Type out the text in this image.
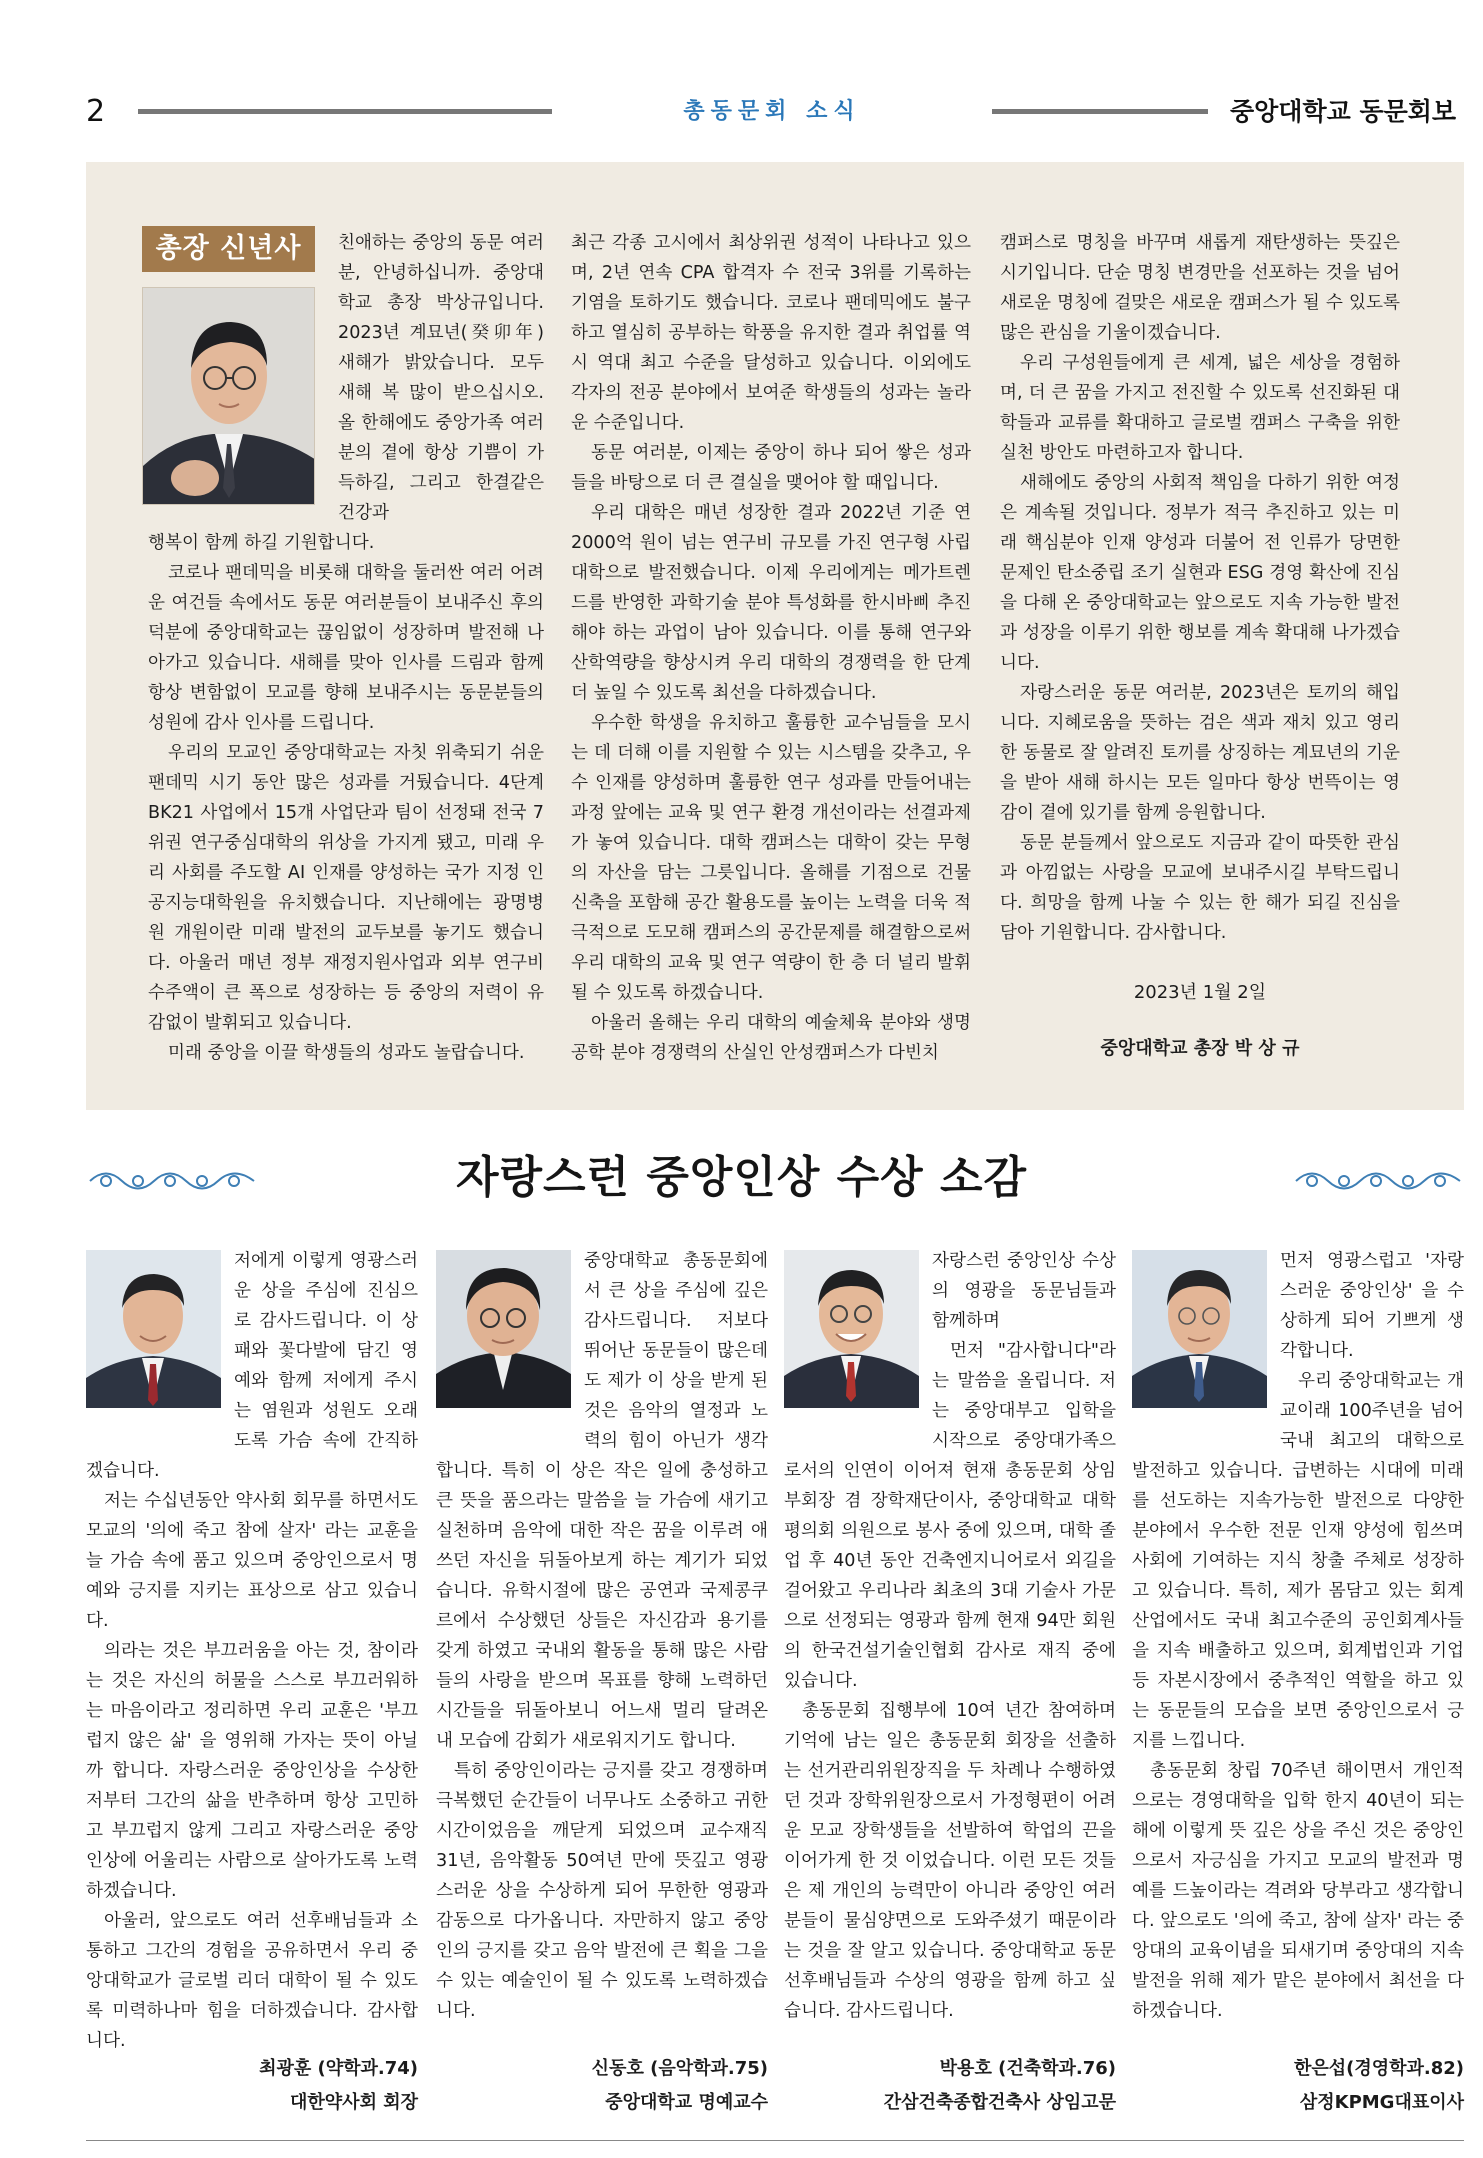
2	총동문회 소식	중앙대학교 동문회보
총장 신년사	친애하는 중앙의 동문 여러분, 안녕하십니까. 중앙대학교 총장 박상규입니다. 2023년 계묘년(癸卯年) 새해가 밝았습니다. 모두 새해 복 많이 받으십시오. 올 한해에도 중앙가족 여러분의 곁에 항상 기쁨이 가득하길, 그리고 한결같은 건강과
행복이 함께 하길 기원합니다.
코로나 팬데믹을 비롯해 대학을 둘러싼 여러 어려운 여건들 속에서도 동문 여러분들이 보내주신 후의 덕분에 중앙대학교는 끊임없이 성장하며 발전해 나아가고 있습니다. 새해를 맞아 인사를 드림과 함께 항상 변함없이 모교를 향해 보내주시는 동문분들의 성원에 감사 인사를 드립니다.
우리의 모교인 중앙대학교는 자칫 위축되기 쉬운 팬데믹 시기 동안 많은 성과를 거뒀습니다. 4단계 BK21 사업에서 15개 사업단과 팀이 선정돼 전국 7위권 연구중심대학의 위상을 가지게 됐고, 미래 우리 사회를 주도할 AI 인재를 양성하는 국가 지정 인공지능대학원을 유치했습니다. 지난해에는 광명병원 개원이란 미래 발전의 교두보를 놓기도 했습니다. 아울러 매년 정부 재정지원사업과 외부 연구비 수주액이 큰 폭으로 성장하는 등 중앙의 저력이 유감없이 발휘되고 있습니다.
미래 중앙을 이끌 학생들의 성과도 놀랍습니다.
최근 각종 고시에서 최상위권 성적이 나타나고 있으며, 2년 연속 CPA 합격자 수 전국 3위를 기록하는 기염을 토하기도 했습니다. 코로나 팬데믹에도 불구하고 열심히 공부하는 학풍을 유지한 결과 취업률 역시 역대 최고 수준을 달성하고 있습니다. 이외에도 각자의 전공 분야에서 보여준 학생들의 성과는 놀라운 수준입니다.
동문 여러분, 이제는 중앙이 하나 되어 쌓은 성과들을 바탕으로 더 큰 결실을 맺어야 할 때입니다.
우리 대학은 매년 성장한 결과 2022년 기준 연 2000억 원이 넘는 연구비 규모를 가진 연구형 사립대학으로 발전했습니다. 이제 우리에게는 메가트렌드를 반영한 과학기술 분야 특성화를 한시바삐 추진해야 하는 과업이 남아 있습니다. 이를 통해 연구와 산학역량을 향상시켜 우리 대학의 경쟁력을 한 단계 더 높일 수 있도록 최선을 다하겠습니다.
우수한 학생을 유치하고 훌륭한 교수님들을 모시는 데 더해 이를 지원할 수 있는 시스템을 갖추고, 우수 인재를 양성하며 훌륭한 연구 성과를 만들어내는 과정 앞에는 교육 및 연구 환경 개선이라는 선결과제가 놓여 있습니다. 대학 캠퍼스는 대학이 갖는 무형의 자산을 담는 그릇입니다. 올해를 기점으로 건물 신축을 포함해 공간 활용도를 높이는 노력을 더욱 적극적으로 도모해 캠퍼스의 공간문제를 해결함으로써 우리 대학의 교육 및 연구 역량이 한 층 더 널리 발휘될 수 있도록 하겠습니다.
아울러 올해는 우리 대학의 예술체육 분야와 생명공학 분야 경쟁력의 산실인 안성캠퍼스가 다빈치
캠퍼스로 명칭을 바꾸며 새롭게 재탄생하는 뜻깊은 시기입니다. 단순 명칭 변경만을 선포하는 것을 넘어 새로운 명칭에 걸맞은 새로운 캠퍼스가 될 수 있도록 많은 관심을 기울이겠습니다.
우리 구성원들에게 큰 세계, 넓은 세상을 경험하며, 더 큰 꿈을 가지고 전진할 수 있도록 선진화된 대학들과 교류를 확대하고 글로벌 캠퍼스 구축을 위한 실천 방안도 마련하고자 합니다.
새해에도 중앙의 사회적 책임을 다하기 위한 여정은 계속될 것입니다. 정부가 적극 추진하고 있는 미래 핵심분야 인재 양성과 더불어 전 인류가 당면한 문제인 탄소중립 조기 실현과 ESG 경영 확산에 진심을 다해 온 중앙대학교는 앞으로도 지속 가능한 발전과 성장을 이루기 위한 행보를 계속 확대해 나가겠습니다.
자랑스러운 동문 여러분, 2023년은 토끼의 해입니다. 지혜로움을 뜻하는 검은 색과 재치 있고 영리한 동물로 잘 알려진 토끼를 상징하는 계묘년의 기운을 받아 새해 하시는 모든 일마다 항상 번뜩이는 영감이 곁에 있기를 함께 응원합니다.
동문 분들께서 앞으로도 지금과 같이 따뜻한 관심과 아낌없는 사랑을 모교에 보내주시길 부탁드립니다. 희망을 함께 나눌 수 있는 한 해가 되길 진심을 담아 기원합니다. 감사합니다.
2023년 1월 2일
중앙대학교 총장 박 상 규
자랑스런 중앙인상 수상 소감
저에게 이렇게 영광스러운 상을 주심에 진심으로 감사드립니다. 이 상패와 꽃다발에 담긴 영예와 함께 저에게 주시는 염원과 성원도 오래도록 가슴 속에 간직하겠습니다.
저는 수십년동안 약사회 회무를 하면서도 모교의 '의에 죽고 참에 살자' 라는 교훈을 늘 가슴 속에 품고 있으며 중앙인으로서 명예와 긍지를 지키는 표상으로 삼고 있습니다.
의라는 것은 부끄러움을 아는 것, 참이라는 것은 자신의 허물을 스스로 부끄러워하는 마음이라고 정리하면 우리 교훈은 '부끄럽지 않은 삶' 을 영위해 가자는 뜻이 아닐까 합니다. 자랑스러운 중앙인상을 수상한 저부터 그간의 삶을 반추하며 항상 고민하고 부끄럽지 않게 그리고 자랑스러운 중앙인상에 어울리는 사람으로 살아가도록 노력하겠습니다.
아울러, 앞으로도 여러 선후배님들과 소통하고 그간의 경험을 공유하면서 우리 중앙대학교가 글로벌 리더 대학이 될 수 있도록 미력하나마 힘을 더하겠습니다. 감사합니다.
최광훈 (약학과.74)
대한약사회 회장
중앙대학교 총동문회에서 큰 상을 주심에 깊은 감사드립니다. 저보다 뛰어난 동문들이 많은데도 제가 이 상을 받게 된 것은 음악의 열정과 노력의 힘이 아닌가 생각합니다. 특히 이 상은 작은 일에 충성하고 큰 뜻을 품으라는 말씀을 늘 가슴에 새기고 실천하며 음악에 대한 작은 꿈을 이루려 애쓰던 자신을 뒤돌아보게 하는 계기가 되었습니다. 유학시절에 많은 공연과 국제콩쿠르에서 수상했던 상들은 자신감과 용기를 갖게 하였고 국내외 활동을 통해 많은 사람들의 사랑을 받으며 목표를 향해 노력하던 시간들을 뒤돌아보니 어느새 멀리 달려온 내 모습에 감회가 새로워지기도 합니다.
특히 중앙인이라는 긍지를 갖고 경쟁하며 극복했던 순간들이 너무나도 소중하고 귀한 시간이었음을 깨닫게 되었으며 교수재직 31년, 음악활동 50여년 만에 뜻깊고 영광스러운 상을 수상하게 되어 무한한 영광과 감동으로 다가옵니다. 자만하지 않고 중앙인의 긍지를 갖고 음악 발전에 큰 획을 그을 수 있는 예술인이 될 수 있도록 노력하겠습니다.
신동호 (음악학과.75)
중앙대학교 명예교수
자랑스런 중앙인상 수상의 영광을 동문님들과 함께하며
먼저 "감사합니다"라는 말씀을 올립니다. 저는 중앙대부고 입학을 시작으로 중앙대가족으로서의 인연이 이어져 현재 총동문회 상임부회장 겸 장학재단이사, 중앙대학교 대학평의회 의원으로 봉사 중에 있으며, 대학 졸업 후 40년 동안 건축엔지니어로서 외길을 걸어왔고 우리나라 최초의 3대 기술사 가문으로 선정되는 영광과 함께 현재 94만 회원의 한국건설기술인협회 감사로 재직 중에 있습니다.
총동문회 집행부에 10여 년간 참여하며 기억에 남는 일은 총동문회 회장을 선출하는 선거관리위원장직을 두 차례나 수행하였던 것과 장학위원장으로서 가정형편이 어려운 모교 장학생들을 선발하여 학업의 끈을 이어가게 한 것 이었습니다. 이런 모든 것들은 제 개인의 능력만이 아니라 중앙인 여러분들이 물심양면으로 도와주셨기 때문이라는 것을 잘 알고 있습니다. 중앙대학교 동문 선후배님들과 수상의 영광을 함께 하고 싶습니다. 감사드립니다.
박용호 (건축학과.76)
간삼건축종합건축사 상임고문
먼저 영광스럽고 '자랑스러운 중앙인상' 을 수상하게 되어 기쁘게 생각합니다.
우리 중앙대학교는 개교이래 100주년을 넘어 국내 최고의 대학으로 발전하고 있습니다. 급변하는 시대에 미래를 선도하는 지속가능한 발전으로 다양한 분야에서 우수한 전문 인재 양성에 힘쓰며 사회에 기여하는 지식 창출 주체로 성장하고 있습니다. 특히, 제가 몸담고 있는 회계산업에서도 국내 최고수준의 공인회계사들을 지속 배출하고 있으며, 회계법인과 기업 등 자본시장에서 중추적인 역할을 하고 있는 동문들의 모습을 보면 중앙인으로서 긍지를 느낍니다.
총동문회 창립 70주년 해이면서 개인적으로는 경영대학을 입학 한지 40년이 되는 해에 이렇게 뜻 깊은 상을 주신 것은 중앙인으로서 자긍심을 가지고 모교의 발전과 명예를 드높이라는 격려와 당부라고 생각합니다. 앞으로도 '의에 죽고, 참에 살자' 라는 중앙대의 교육이념을 되새기며 중앙대의 지속 발전을 위해 제가 맡은 분야에서 최선을 다하겠습니다.
한은섭(경영학과.82)
삼정KPMG대표이사
